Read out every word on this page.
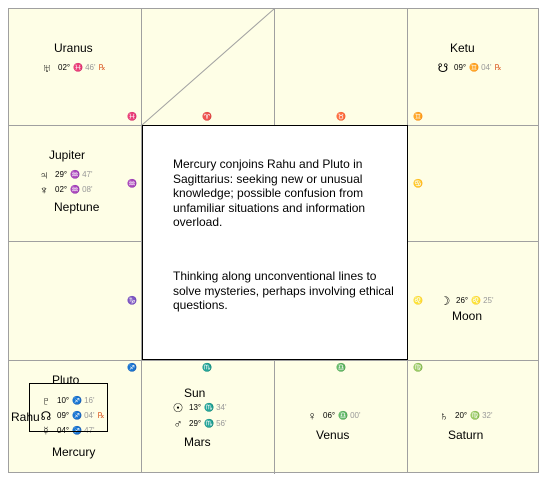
♓	♈	♉	♊
♒	♋
♑	♌
♐	♏	♎	♍
Uranus
♅ 02° ♓ 46' ℞
Ketu
☋ 09° ♊ 04' ℞
Jupiter
♃ 29° ♒ 47'
♆ 02° ♒ 08'
Neptune
☽ 26° ♌ 25'
Moon
Pluto
Rahu
♇ 10° ♐ 16'
☊ 09° ♐ 04' ℞
☿ 04° ♐ 47'
Mercury
Sun
☉ 13° ♏ 34'
♂ 29° ♏ 56'
Mars
♀ 06° ♎ 00'
Venus
♄ 20° ♍ 32'
Saturn
Mercury conjoins Rahu and Pluto in Sagittarius: seeking new or unusual knowledge; possible confusion from unfamiliar situations and information overload.
Thinking along unconventional lines to solve mysteries, perhaps involving ethical questions.
